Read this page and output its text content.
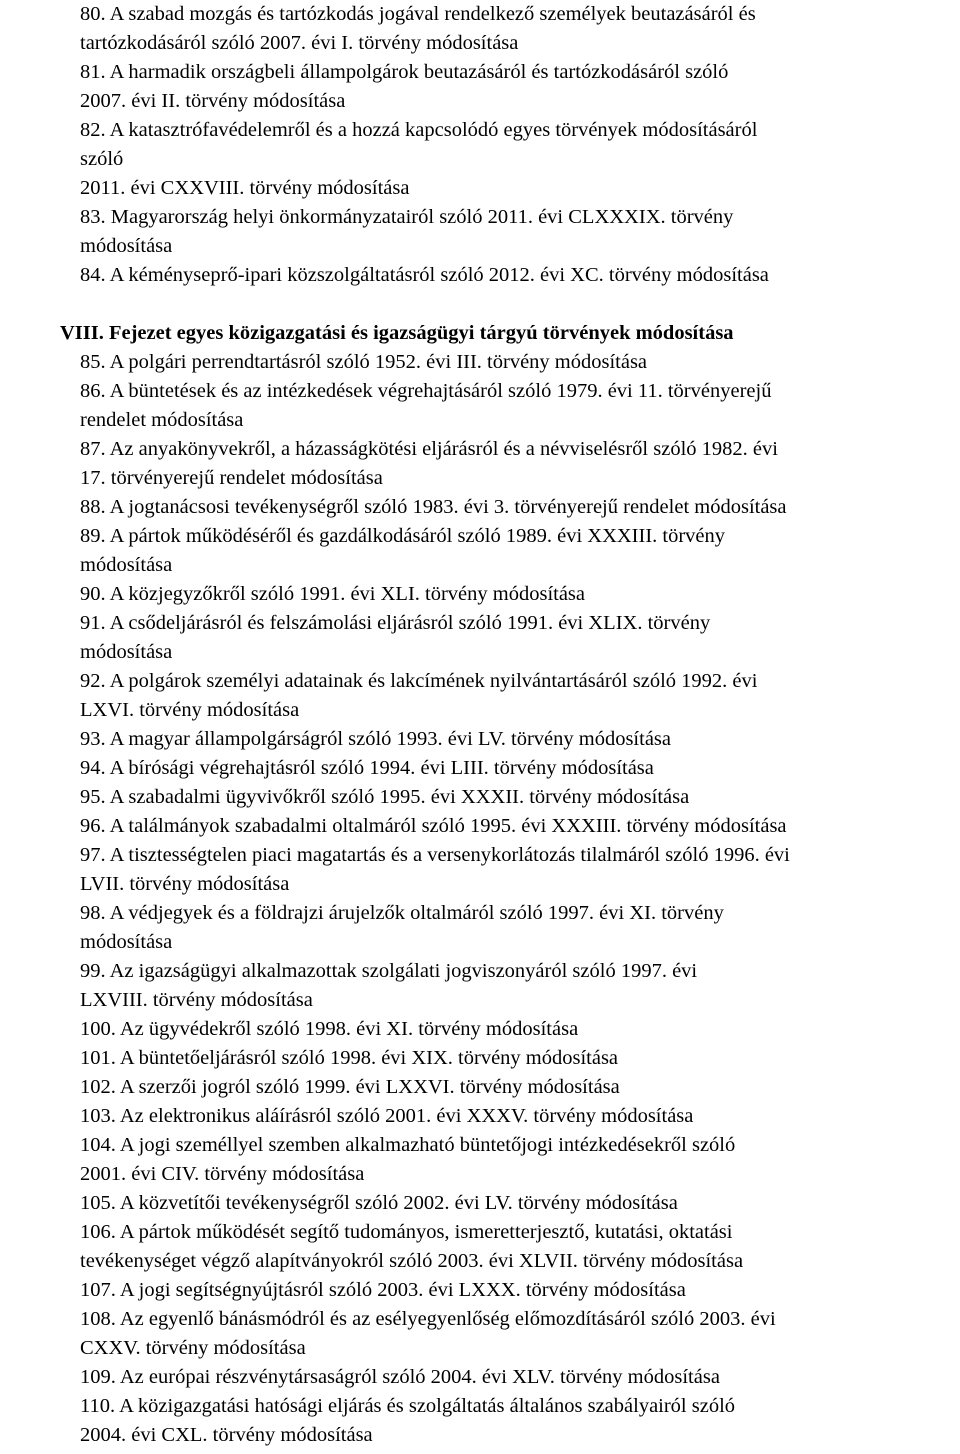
80. A szabad mozgás és tartózkodás jogával rendelkező személyek beutazásáról és
tartózkodásáról szóló 2007. évi I. törvény módosítása
81. A harmadik országbeli állampolgárok beutazásáról és tartózkodásáról szóló
2007. évi II. törvény módosítása
82. A katasztrófavédelemről és a hozzá kapcsolódó egyes törvények módosításáról
szóló
2011. évi CXXVIII. törvény módosítása
83. Magyarország helyi önkormányzatairól szóló 2011. évi CLXXXIX. törvény
módosítása
84. A kéményseprő-ipari közszolgáltatásról szóló 2012. évi XC. törvény módosítása
VIII. Fejezet egyes közigazgatási és igazságügyi tárgyú törvények módosítása
85. A polgári perrendtartásról szóló 1952. évi III. törvény módosítása
86. A büntetések és az intézkedések végrehajtásáról szóló 1979. évi 11. törvényerejű
rendelet módosítása
87. Az anyakönyvekről, a házasságkötési eljárásról és a névviselésről szóló 1982. évi
17. törvényerejű rendelet módosítása
88. A jogtanácsosi tevékenységről szóló 1983. évi 3. törvényerejű rendelet módosítása
89. A pártok működéséről és gazdálkodásáról szóló 1989. évi XXXIII. törvény
módosítása
90. A közjegyzőkről szóló 1991. évi XLI. törvény módosítása
91. A csődeljárásról és felszámolási eljárásról szóló 1991. évi XLIX. törvény
módosítása
92. A polgárok személyi adatainak és lakcímének nyilvántartásáról szóló 1992. évi
LXVI. törvény módosítása
93. A magyar állampolgárságról szóló 1993. évi LV. törvény módosítása
94. A bírósági végrehajtásról szóló 1994. évi LIII. törvény módosítása
95. A szabadalmi ügyvivőkről szóló 1995. évi XXXII. törvény módosítása
96. A találmányok szabadalmi oltalmáról szóló 1995. évi XXXIII. törvény módosítása
97. A tisztességtelen piaci magatartás és a versenykorlátozás tilalmáról szóló 1996. évi
LVII. törvény módosítása
98. A védjegyek és a földrajzi árujelzők oltalmáról szóló 1997. évi XI. törvény
módosítása
99. Az igazságügyi alkalmazottak szolgálati jogviszonyáról szóló 1997. évi
LXVIII. törvény módosítása
100. Az ügyvédekről szóló 1998. évi XI. törvény módosítása
101. A büntetőeljárásról szóló 1998. évi XIX. törvény módosítása
102. A szerzői jogról szóló 1999. évi LXXVI. törvény módosítása
103. Az elektronikus aláírásról szóló 2001. évi XXXV. törvény módosítása
104. A jogi személlyel szemben alkalmazható büntetőjogi intézkedésekről szóló
2001. évi CIV. törvény módosítása
105. A közvetítői tevékenységről szóló 2002. évi LV. törvény módosítása
106. A pártok működését segítő tudományos, ismeretterjesztő, kutatási, oktatási
tevékenységet végző alapítványokról szóló 2003. évi XLVII. törvény módosítása
107. A jogi segítségnyújtásról szóló 2003. évi LXXX. törvény módosítása
108. Az egyenlő bánásmódról és az esélyegyenlőség előmozdításáról szóló 2003. évi
CXXV. törvény módosítása
109. Az európai részvénytársaságról szóló 2004. évi XLV. törvény módosítása
110. A közigazgatási hatósági eljárás és szolgáltatás általános szabályairól szóló
2004. évi CXL. törvény módosítása
